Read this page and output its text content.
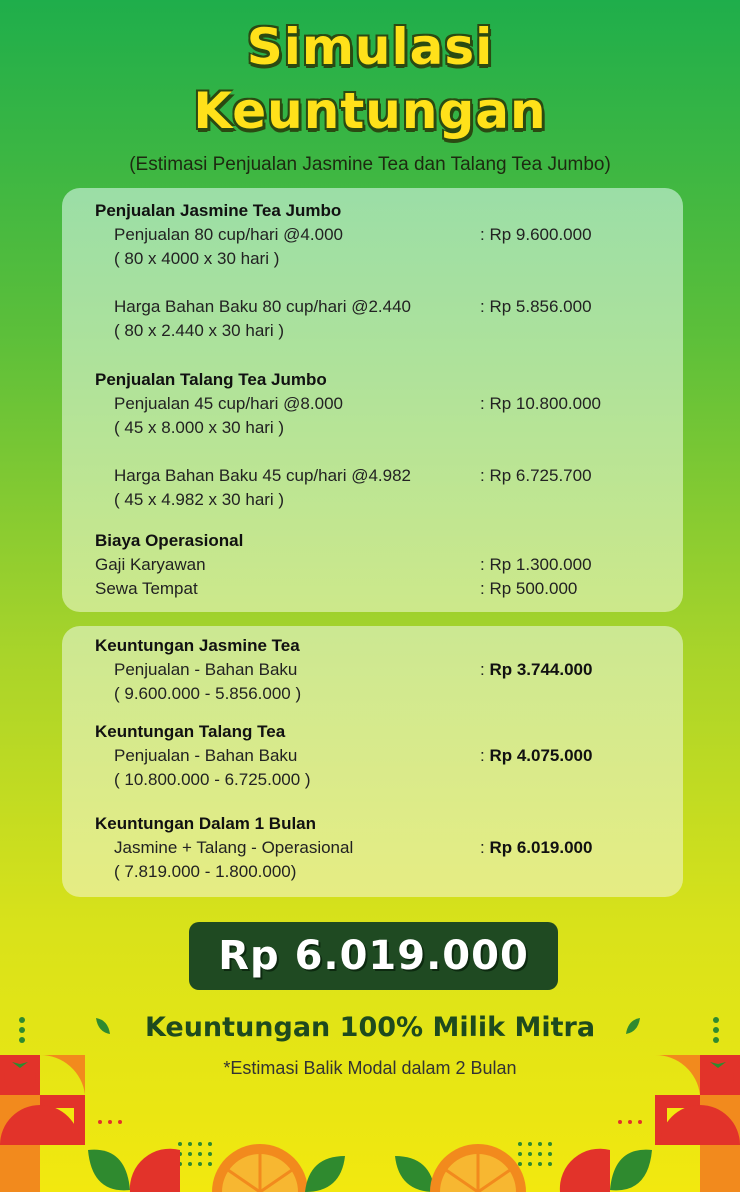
Simulasi
Keuntungan
(Estimasi Penjualan Jasmine Tea dan Talang Tea Jumbo)
Penjualan Jasmine Tea Jumbo
Penjualan 80 cup/hari @4.000	: Rp 9.600.000
( 80 x 4000 x 30 hari )
Harga Bahan Baku 80 cup/hari @2.440	: Rp 5.856.000
( 80 x 2.440 x 30 hari )
Penjualan Talang Tea Jumbo
Penjualan 45 cup/hari @8.000	: Rp 10.800.000
( 45 x 8.000 x 30 hari )
Harga Bahan Baku 45 cup/hari @4.982	: Rp 6.725.700
( 45 x 4.982 x 30 hari )
Biaya Operasional
Gaji Karyawan	: Rp 1.300.000
Sewa Tempat	: Rp 500.000
Keuntungan Jasmine Tea
Penjualan - Bahan Baku	: Rp 3.744.000
( 9.600.000 - 5.856.000 )
Keuntungan Talang Tea
Penjualan - Bahan Baku	: Rp 4.075.000
( 10.800.000 - 6.725.000 )
Keuntungan Dalam 1 Bulan
Jasmine + Talang - Operasional	: Rp 6.019.000
( 7.819.000 - 1.800.000)
Rp 6.019.000
Keuntungan 100% Milik Mitra
*Estimasi Balik Modal dalam 2 Bulan
